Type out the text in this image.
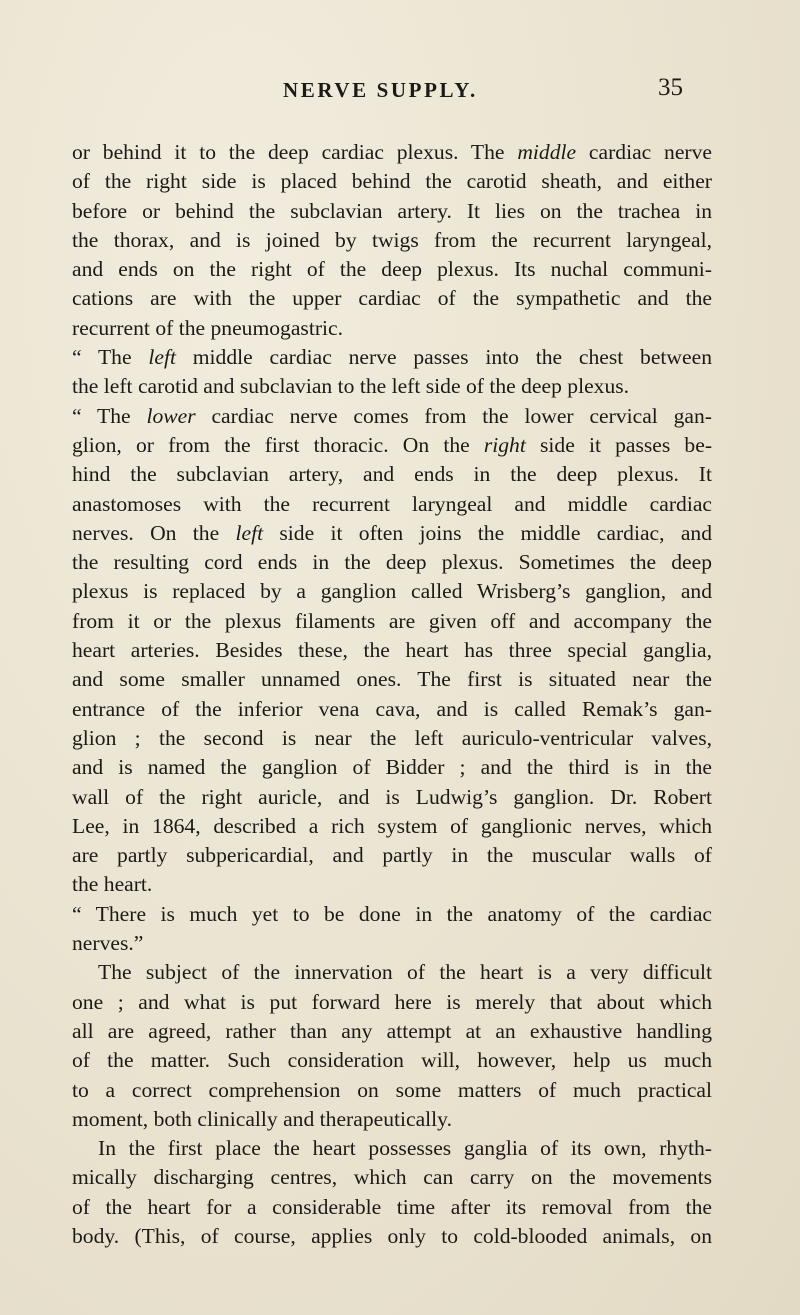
NERVE SUPPLY.	35
or behind it to the deep cardiac plexus. The middle cardiac nerve
of the right side is placed behind the carotid sheath, and either
before or behind the subclavian artery. It lies on the trachea in
the thorax, and is joined by twigs from the recurrent laryngeal,
and ends on the right of the deep plexus. Its nuchal communi-
cations are with the upper cardiac of the sympathetic and the
recurrent of the pneumogastric.
“ The left middle cardiac nerve passes into the chest between
the left carotid and subclavian to the left side of the deep plexus.
“ The lower cardiac nerve comes from the lower cervical gan-
glion, or from the first thoracic. On the right side it passes be-
hind the subclavian artery, and ends in the deep plexus. It
anastomoses with the recurrent laryngeal and middle cardiac
nerves. On the left side it often joins the middle cardiac, and
the resulting cord ends in the deep plexus. Sometimes the deep
plexus is replaced by a ganglion called Wrisberg’s ganglion, and
from it or the plexus filaments are given off and accompany the
heart arteries. Besides these, the heart has three special ganglia,
and some smaller unnamed ones. The first is situated near the
entrance of the inferior vena cava, and is called Remak’s gan-
glion ; the second is near the left auriculo-ventricular valves,
and is named the ganglion of Bidder ; and the third is in the
wall of the right auricle, and is Ludwig’s ganglion. Dr. Robert
Lee, in 1864, described a rich system of ganglionic nerves, which
are partly subpericardial, and partly in the muscular walls of
the heart.
“ There is much yet to be done in the anatomy of the cardiac
nerves.”
The subject of the innervation of the heart is a very difficult
one ; and what is put forward here is merely that about which
all are agreed, rather than any attempt at an exhaustive handling
of the matter. Such consideration will, however, help us much
to a correct comprehension on some matters of much practical
moment, both clinically and therapeutically.
In the first place the heart possesses ganglia of its own, rhyth-
mically discharging centres, which can carry on the movements
of the heart for a considerable time after its removal from the
body. (This, of course, applies only to cold-blooded animals, on
